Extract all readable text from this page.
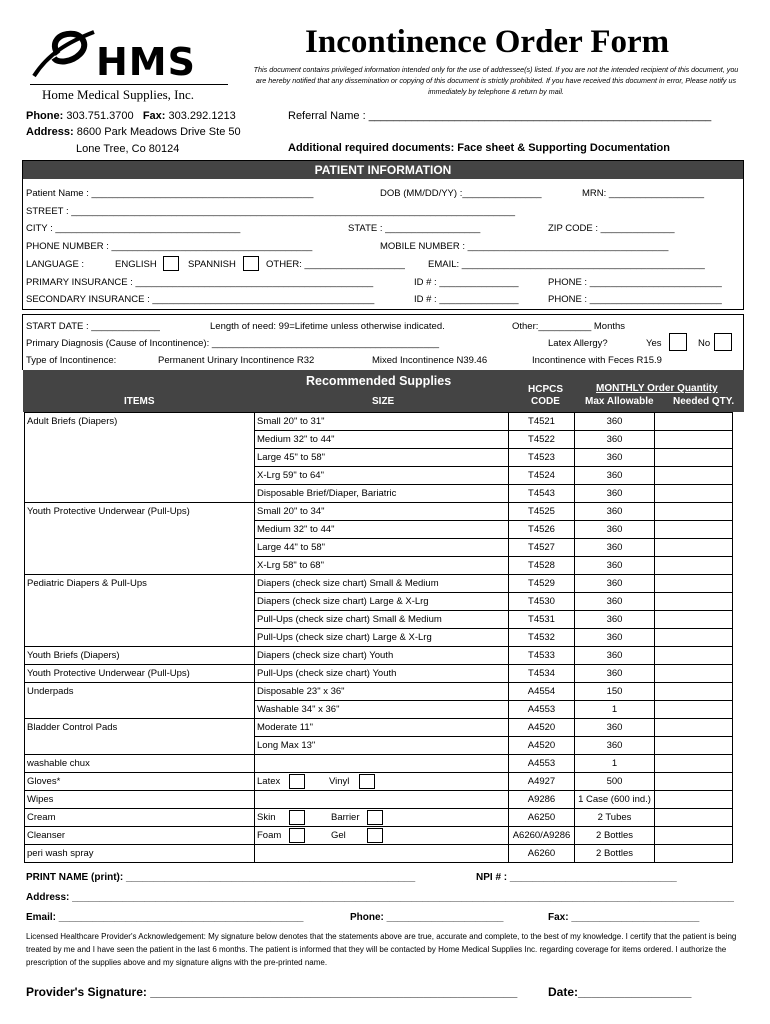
HMS
Home Medical Supplies, Inc.
Incontinence Order Form
This document contains privileged information intended only for the use of addressee(s) listed. If you are not the intended recipient of this document, you are hereby notified that any dissemination or copying of this document is strictly prohibited. If you have received this document in error, Please notify us immediately by telephone & return by mail.
Phone: 303.751.3700 Fax: 303.292.1213
Address: 8600 Park Meadows Drive Ste 50
Lone Tree, Co 80124
Referral Name : ________________________________________________________
Additional required documents: Face sheet & Supporting Documentation
PATIENT INFORMATION
Patient Name : __________________________________________	DOB (MM/DD/YY) :_______________	MRN: __________________
STREET : ____________________________________________________________________________________
CITY : ___________________________________	STATE : __________________	ZIP CODE : ______________
PHONE NUMBER : ______________________________________	MOBILE NUMBER : ______________________________________
LANGUAGE :	ENGLISH	SPANNISH	OTHER: ___________________ EMAIL: ______________________________________________
PRIMARY INSURANCE : _____________________________________________	ID # : _______________	PHONE : _________________________
SECONDARY INSURANCE : __________________________________________	ID # : _______________	PHONE : _________________________
START DATE : _____________	Length of need: 99=Lifetime unless otherwise indicated.	Other:__________ Months
Primary Diagnosis (Cause of Incontinence): ___________________________________________	Latex Allergy?	Yes	No
Type of Incontinence:	Permanent Urinary Incontinence R32	Mixed Incontinence N39.46	Incontinence with Feces R15.9
Recommended Supplies
ITEMS	SIZE
HCPCS
CODE
MONTHLY Order Quantity
Max Allowable Needed QTY.
Adult Briefs (Diapers)	Small 20" to 31"	T4521	360	
	Medium 32" to 44"	T4522	360	
	Large 45" to 58"	T4523	360	
	X-Lrg 59" to 64"	T4524	360	
	Disposable Brief/Diaper, Bariatric	T4543	360	
Youth Protective Underwear (Pull-Ups)	Small 20" to 34"	T4525	360	
	Medium 32" to 44"	T4526	360	
	Large 44" to 58"	T4527	360	
	X-Lrg 58" to 68"	T4528	360	
Pediatric Diapers & Pull-Ups	Diapers (check size chart) Small & Medium	T4529	360	
	Diapers (check size chart) Large & X-Lrg	T4530	360	
	Pull-Ups (check size chart) Small & Medium	T4531	360	
	Pull-Ups (check size chart) Large & X-Lrg	T4532	360	
Youth Briefs (Diapers)	Diapers (check size chart) Youth	T4533	360	
Youth Protective Underwear (Pull-Ups)	Pull-Ups (check size chart) Youth	T4534	360	
Underpads	Disposable 23" x 36"	A4554	150	
	Washable 34" x 36"	A4553	1	
Bladder Control Pads	Moderate 11"	A4520	360	
	Long Max 13"	A4520	360	
washable chux		A4553	1	
Gloves*	Latex Vinyl	A4927	500	
Wipes		A9286	1 Case (600 ind.)	
Cream	Skin Barrier	A6250	2 Tubes	
Cleanser	Foam Gel	A6260/A9286	2 Bottles	
peri wash spray		A6260	2 Bottles	
PRINT NAME (print): ____________________________________________________	NPI # : ______________________________
Address: _______________________________________________________________________________________________________________________
Email: ____________________________________________	Phone: _____________________	Fax: _______________________
Licensed Healthcare Provider's Acknowledgement: My signature below denotes that the statements above are true, accurate and complete, to the best of my knowledge. I certify that the patient is being treated by me and I have seen the patient in the last 6 months. The patient is informed that they will be contacted by Home Medical Supplies Inc. regarding coverage for items ordered. I authorize the prescription of the supplies above and my signature aligns with the pre-printed name.
Provider's Signature: _______________________________________________________	Date:_________________
